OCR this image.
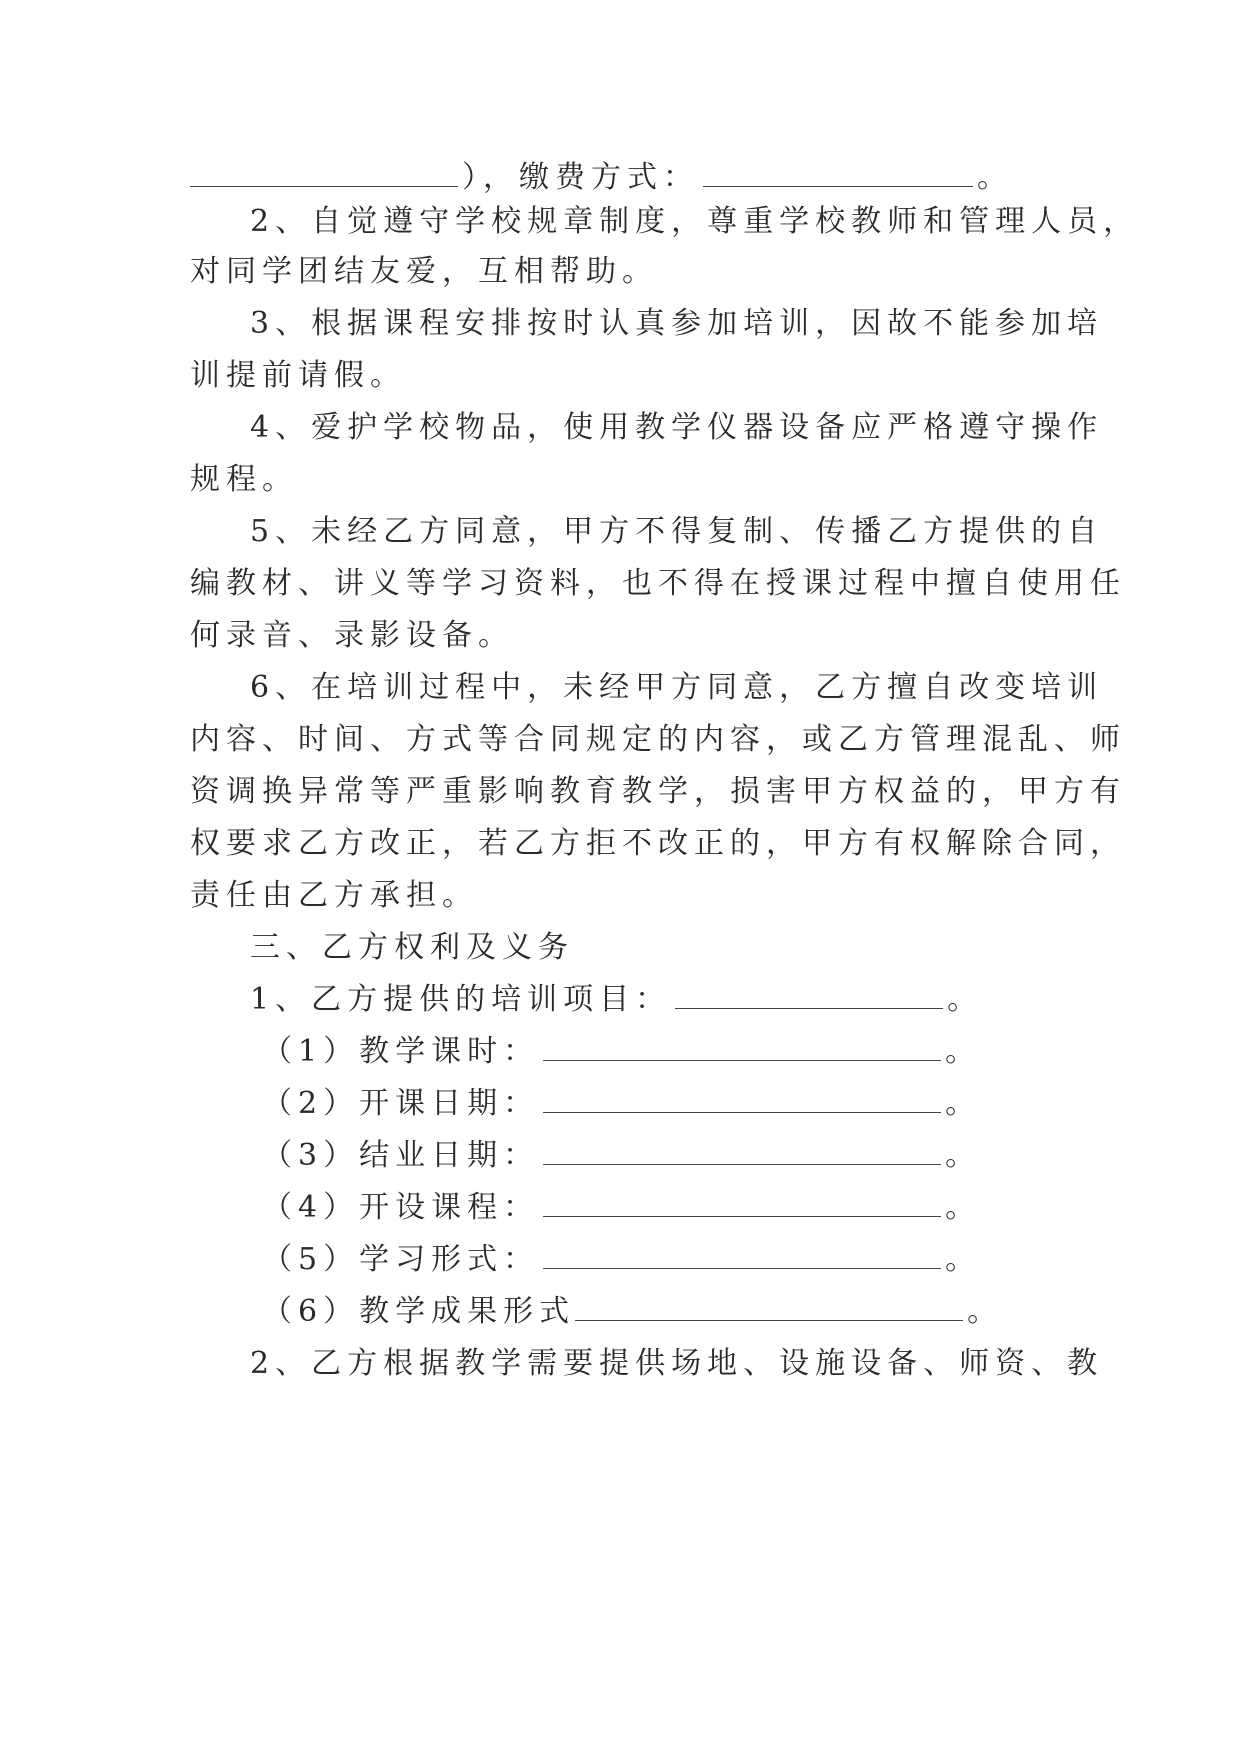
），缴费方式：	。
2、自觉遵守学校规章制度，尊重学校教师和管理人员，
对同学团结友爱，互相帮助。
3、根据课程安排按时认真参加培训，因故不能参加培
训提前请假。
4、爱护学校物品，使用教学仪器设备应严格遵守操作
规程。
5、未经乙方同意，甲方不得复制、传播乙方提供的自
编教材、讲义等学习资料，也不得在授课过程中擅自使用任
何录音、录影设备。
6、在培训过程中，未经甲方同意，乙方擅自改变培训
内容、时间、方式等合同规定的内容，或乙方管理混乱、师
资调换异常等严重影响教育教学，损害甲方权益的，甲方有
权要求乙方改正，若乙方拒不改正的，甲方有权解除合同，
责任由乙方承担。
三、乙方权利及义务
1、乙方提供的培训项目：	。
（1）教学课时：	。
（2）开课日期：	。
（3）结业日期：	。
（4）开设课程：	。
（5）学习形式：	。
（6）教学成果形式	。
2、乙方根据教学需要提供场地、设施设备、师资、教
